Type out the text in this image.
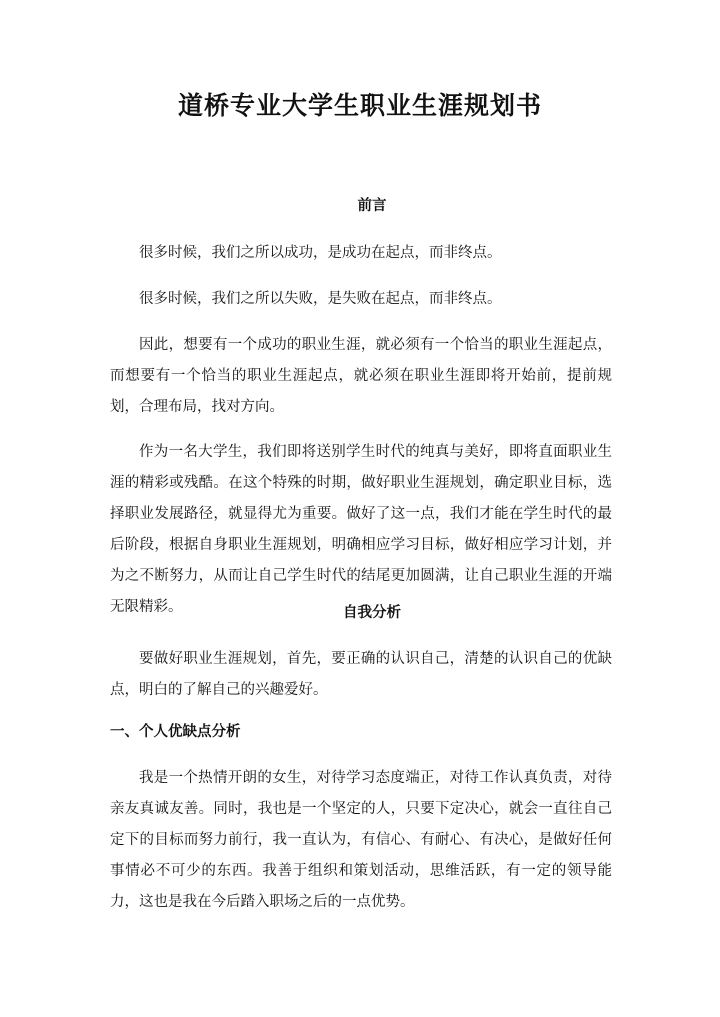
道桥专业大学生职业生涯规划书
前言

很多时候，我们之所以成功，是成功在起点，而非终点。

很多时候，我们之所以失败，是失败在起点，而非终点。

因此，想要有一个成功的职业生涯，就必须有一个恰当的职业生涯起点，而想要有一个恰当的职业生涯起点，就必须在职业生涯即将开始前，提前规划，合理布局，找对方向。

作为一名大学生，我们即将送别学生时代的纯真与美好，即将直面职业生涯的精彩或残酷。在这个特殊的时期，做好职业生涯规划，确定职业目标，选择职业发展路径，就显得尤为重要。做好了这一点，我们才能在学生时代的最后阶段，根据自身职业生涯规划，明确相应学习目标，做好相应学习计划，并为之不断努力，从而让自己学生时代的结尾更加圆满，让自己职业生涯的开端无限精彩。	自我分析

要做好职业生涯规划，首先，要正确的认识自己，清楚的认识自己的优缺点，明白的了解自己的兴趣爱好。

一、个人优缺点分析

我是一个热情开朗的女生，对待学习态度端正，对待工作认真负责，对待亲友真诚友善。同时，我也是一个坚定的人，只要下定决心，就会一直往自己定下的目标而努力前行，我一直认为，有信心、有耐心、有决心，是做好任何事情必不可少的东西。我善于组织和策划活动，思维活跃，有一定的领导能力，这也是我在今后踏入职场之后的一点优势。
